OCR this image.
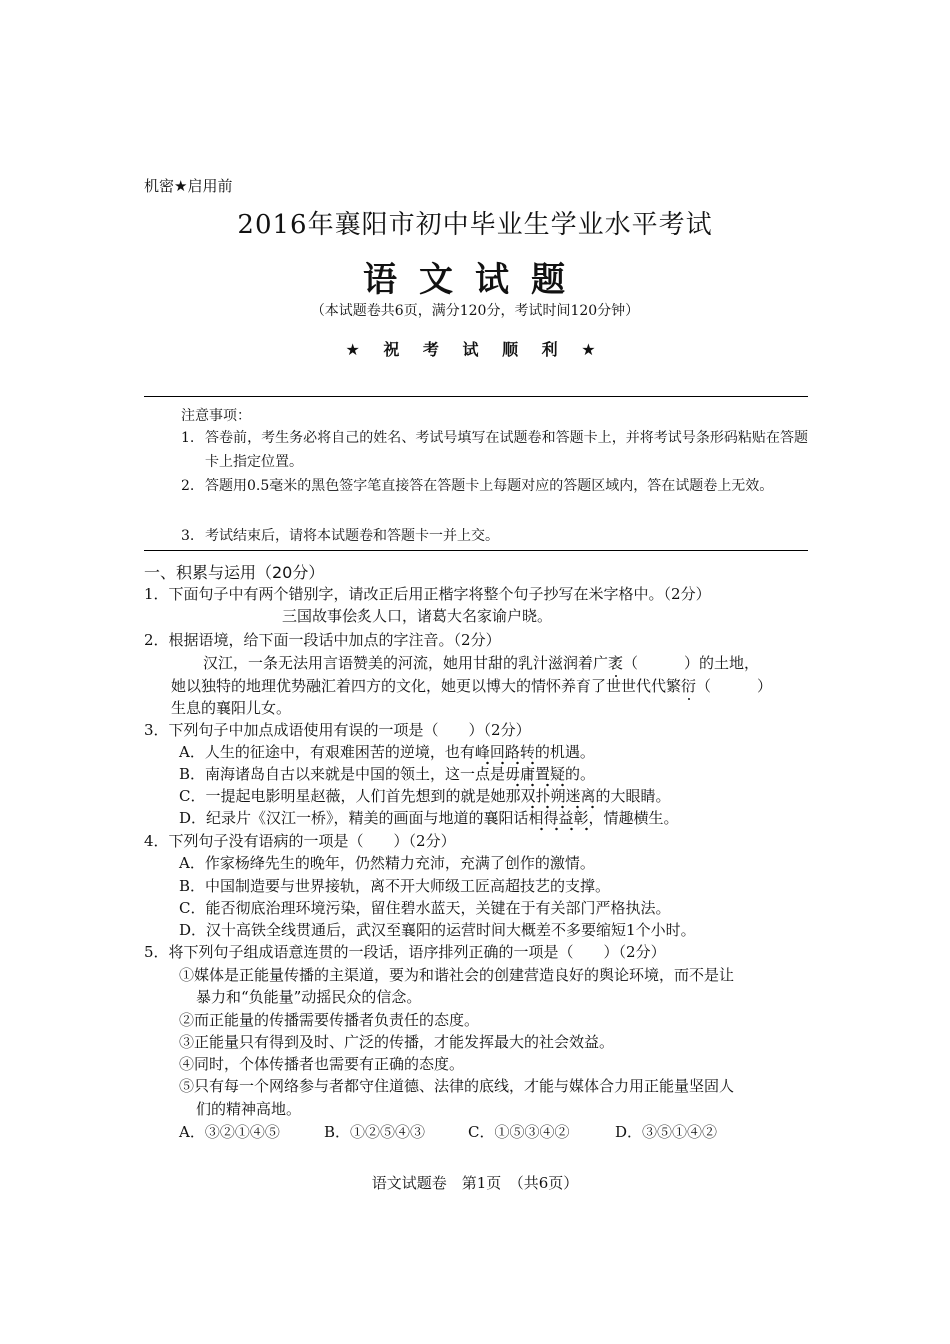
机密★启用前
2016年襄阳市初中毕业生学业水平考试
语文试题
（本试题卷共6页，满分120分，考试时间120分钟）
★ 祝 考 试 顺 利 ★
注意事项：
1. 答卷前，考生务必将自己的姓名、考试号填写在试题卷和答题卡上，并将考试号条形码粘贴在答题卡上指定位置。
2. 答题用0.5毫米的黑色签字笔直接答在答题卡上每题对应的答题区域内，答在试题卷上无效。
3. 考试结束后，请将本试题卷和答题卡一并上交。
一、积累与运用（20分）
1．下面句子中有两个错别字，请改正后用正楷字将整个句子抄写在米字格中。（2分）
三国故事侩炙人口，诸葛大名家谕户晓。
2．根据语境，给下面一段话中加点的字注音。（2分）
汉江，一条无法用言语赞美的河流，她用甘甜的乳汁滋润着广袤（	）的土地，
她以独特的地理优势融汇着四方的文化，她更以博大的情怀养育了世世代代繁衍（	）
生息的襄阳儿女。
3．下列句子中加点成语使用有误的一项是（　　）（2分）
A．人生的征途中，有艰难困苦的逆境，也有峰回路转的机遇。
B．南海诸岛自古以来就是中国的领土，这一点是毋庸置疑的。
C．一提起电影明星赵薇，人们首先想到的就是她那双扑朔迷离的大眼睛。
D．纪录片《汉江一桥》，精美的画面与地道的襄阳话相得益彰，情趣横生。
4．下列句子没有语病的一项是（　　）（2分）
A．作家杨绛先生的晚年，仍然精力充沛，充满了创作的激情。
B．中国制造要与世界接轨，离不开大师级工匠高超技艺的支撑。
C．能否彻底治理环境污染，留住碧水蓝天，关键在于有关部门严格执法。
D．汉十高铁全线贯通后，武汉至襄阳的运营时间大概差不多要缩短1个小时。
5．将下列句子组成语意连贯的一段话，语序排列正确的一项是（　　）（2分）
①媒体是正能量传播的主渠道，要为和谐社会的创建营造良好的舆论环境，而不是让
暴力和“负能量”动摇民众的信念。
②而正能量的传播需要传播者负责任的态度。
③正能量只有得到及时、广泛的传播，才能发挥最大的社会效益。
④同时，个体传播者也需要有正确的态度。
⑤只有每一个网络参与者都守住道德、法律的底线，才能与媒体合力用正能量坚固人
们的精神高地。
A．③②①④⑤	B．①②⑤④③	C．①⑤③④②	D．③⑤①④②
语文试题卷　第1页　（共6页）
